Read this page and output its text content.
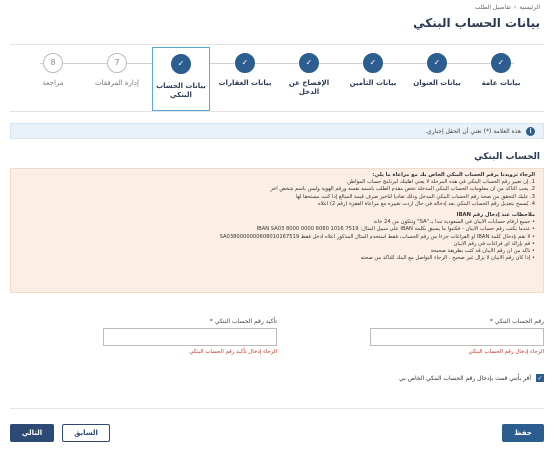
الرئيسية
›
تفاصيل الطلب
بيانات الحساب البنكي
✓
بيانات عامة
✓
بيانات العنوان
✓
بيانات التأمين
✓
الإفصاح عن الدخل
✓
بيانات العقارات
✓
بيانات الحساب البنكي
7
إدارة المرفقات
8
مراجعة
i
هذه العلامة (*) تعني أن الحقل إجباري.
الحساب البنكي
الرجاء تزويدنا برقم الحساب البنكي الخاص بك مع مراعاة ما يلي:
1. إن تغيير رقم الحساب البنكي في هذه المرحلة لا يعني أهليتك لبرنامج حساب المواطن
2. يجب التأكد من أن معلومات الحساب البنكي المدخلة تخص مقدم الطلب باسمه نفسه ورقم الهوية وليس باسم شخص آخر
3. عليك التحقق من صحة رقم الحساب البنكي المدخل وذلك تفاديا لتأخير صرف قيمة المبالغ إذا كنت مستحقا لها
4. يُسمح بتعديل رقم الحساب البنكي بعد إدخاله في حال أردت تغييره مع مراعاة الفقرة (رقم 2) أعلاه
ملاحظات عند إدخال رقم IBAN
• جميع أرقام حسابات الآيبان في السعودية تبدأ بـ "SA" وتتكون من 24 خانة
• عندما يكتب رقم حساب الآيبان - فكتبوا ما يسبق بكلمة IBAN على سبيل المثال: IBAN SA03 8000 0000 6080 1016 7519
• لا تقم بإدخال كلمة IBAN أو الفراغات جزءاً من رقم الحساب، فقط استخدم المثال المذكور أعلاه أدخل فقط SA0380000000608010167519
• قم بإزالة أي فراغات في رقم الآيبان
• تأكد من أن رقم الآيبان قد كتب بطريقة صحيحة
• إذا كان رقم الآيبان لا يزال غير صحيح ، الرجاء التواصل مع البنك للتأكد من صحته
رقم الحساب البنكي *
الرجاء إدخال رقم الحساب البنكي
تأكيد رقم الحساب البنكي *
الرجاء إدخال تأكيد رقم الحساب البنكي
✓
أقر بأنني قمت بإدخال رقم الحساب البنكي الخاص بي
حفظ
التالي	السابق
